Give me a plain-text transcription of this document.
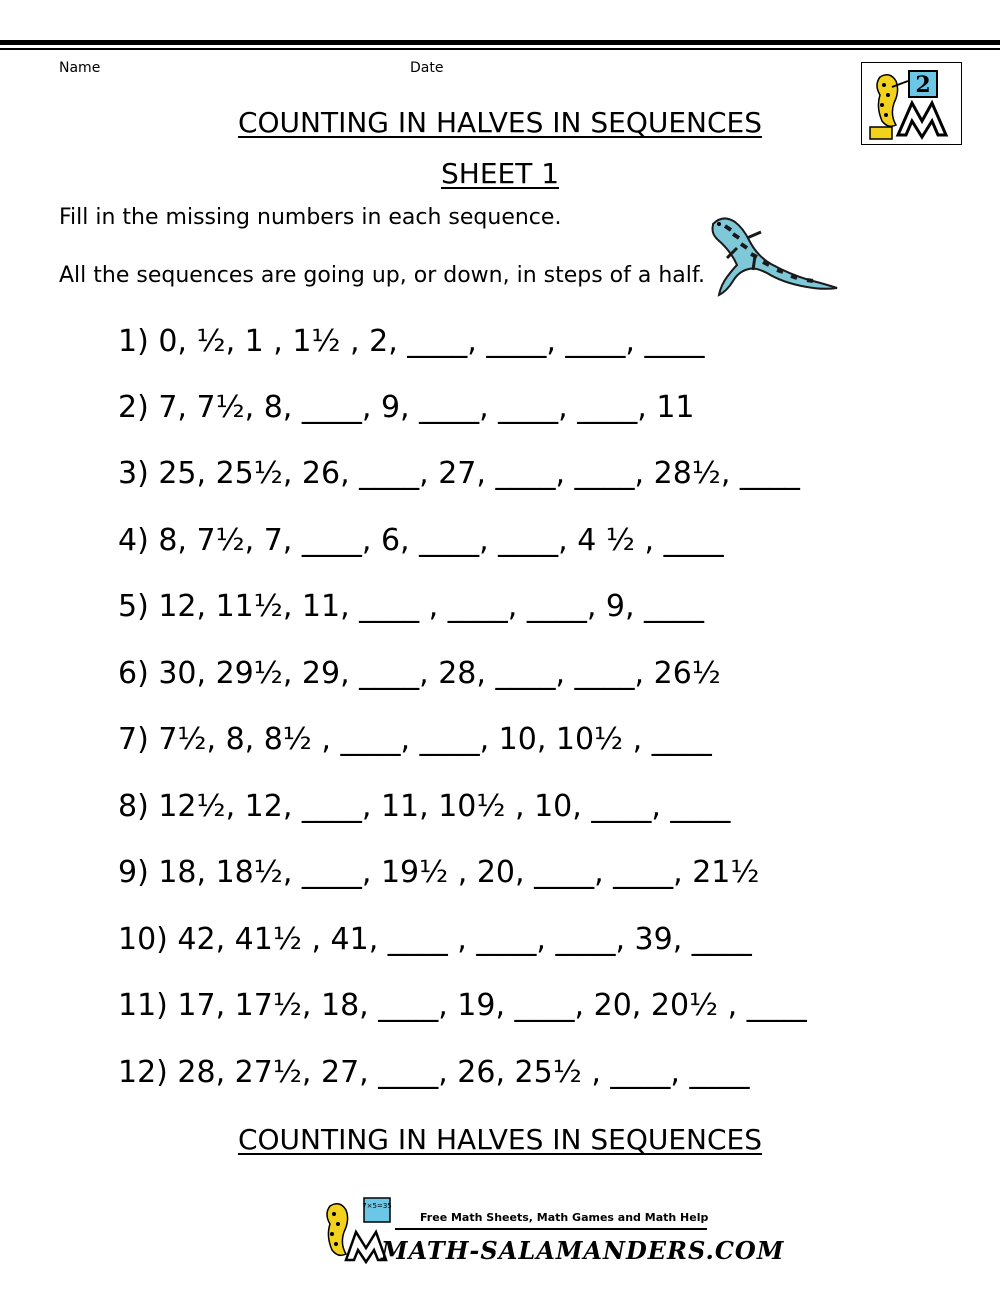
Name	Date
2
COUNTING IN HALVES IN SEQUENCES
SHEET 1
Fill in the missing numbers in each sequence.
All the sequences are going up, or down, in steps of a half.
1) 0, ½, 1 , 1½ , 2, ____, ____, ____, ____
2) 7, 7½, 8, ____, 9, ____, ____, ____, 11
3) 25, 25½, 26, ____, 27, ____, ____, 28½, ____
4) 8, 7½, 7, ____, 6, ____, ____, 4 ½ , ____
5) 12, 11½, 11, ____ , ____, ____, 9, ____
6) 30, 29½, 29, ____, 28, ____, ____, 26½
7) 7½, 8, 8½ , ____, ____, 10, 10½ , ____
8) 12½, 12, ____, 11, 10½ , 10, ____, ____
9) 18, 18½, ____, 19½ , 20, ____, ____, 21½
10) 42, 41½ , 41, ____ , ____, ____, 39, ____
11) 17, 17½, 18, ____, 19, ____, 20, 20½ , ____
12) 28, 27½, 27, ____, 26, 25½ , ____, ____
COUNTING IN HALVES IN SEQUENCES
7×5=35
Free Math Sheets, Math Games and Math Help
MATH-SALAMANDERS.COM
